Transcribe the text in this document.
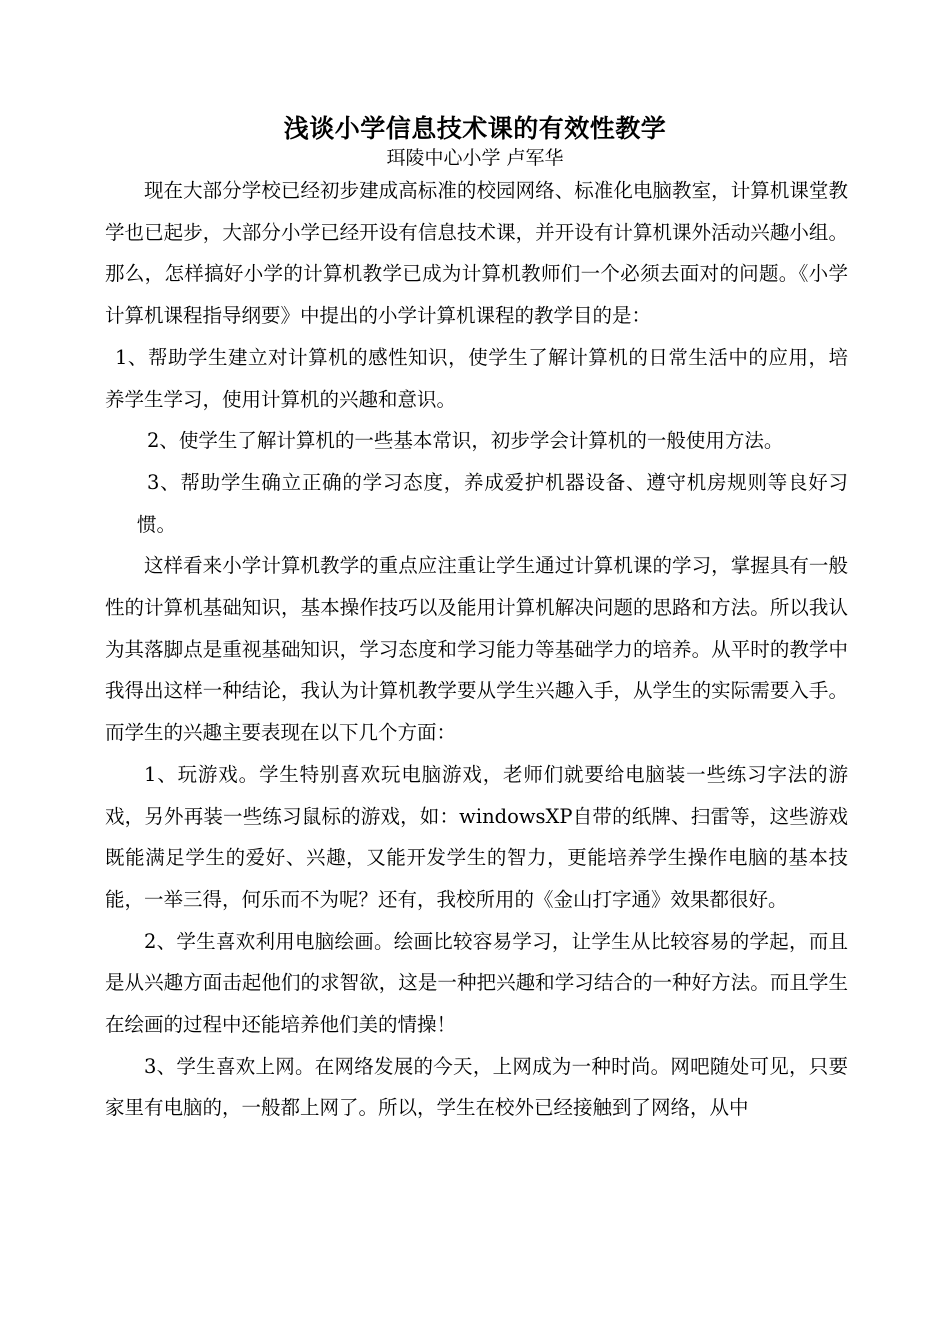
浅谈小学信息技术课的有效性教学
珥陵中心小学 卢军华

现在大部分学校已经初步建成高标准的校园网络、标准化电脑教室，计算机课堂教学也已起步，大部分小学已经开设有信息技术课，并开设有计算机课外活动兴趣小组。那么，怎样搞好小学的计算机教学已成为计算机教师们一个必须去面对的问题。《小学计算机课程指导纲要》中提出的小学计算机课程的教学目的是：

1、帮助学生建立对计算机的感性知识，使学生了解计算机的日常生活中的应用，培养学生学习，使用计算机的兴趣和意识。

2、使学生了解计算机的一些基本常识，初步学会计算机的一般使用方法。

3、帮助学生确立正确的学习态度，养成爱护机器设备、遵守机房规则等良好习惯。

这样看来小学计算机教学的重点应注重让学生通过计算机课的学习，掌握具有一般性的计算机基础知识，基本操作技巧以及能用计算机解决问题的思路和方法。所以我认为其落脚点是重视基础知识，学习态度和学习能力等基础学力的培养。从平时的教学中我得出这样一种结论，我认为计算机教学要从学生兴趣入手，从学生的实际需要入手。而学生的兴趣主要表现在以下几个方面：

1、玩游戏。学生特别喜欢玩电脑游戏，老师们就要给电脑装一些练习字法的游戏，另外再装一些练习鼠标的游戏，如：windowsXP自带的纸牌、扫雷等，这些游戏既能满足学生的爱好、兴趣，又能开发学生的智力，更能培养学生操作电脑的基本技能，一举三得，何乐而不为呢？还有，我校所用的《金山打字通》效果都很好。

2、学生喜欢利用电脑绘画。绘画比较容易学习，让学生从比较容易的学起，而且是从兴趣方面击起他们的求智欲，这是一种把兴趣和学习结合的一种好方法。而且学生在绘画的过程中还能培养他们美的情操！

3、学生喜欢上网。在网络发展的今天，上网成为一种时尚。网吧随处可见，只要家里有电脑的，一般都上网了。所以，学生在校外已经接触到了网络，从中
